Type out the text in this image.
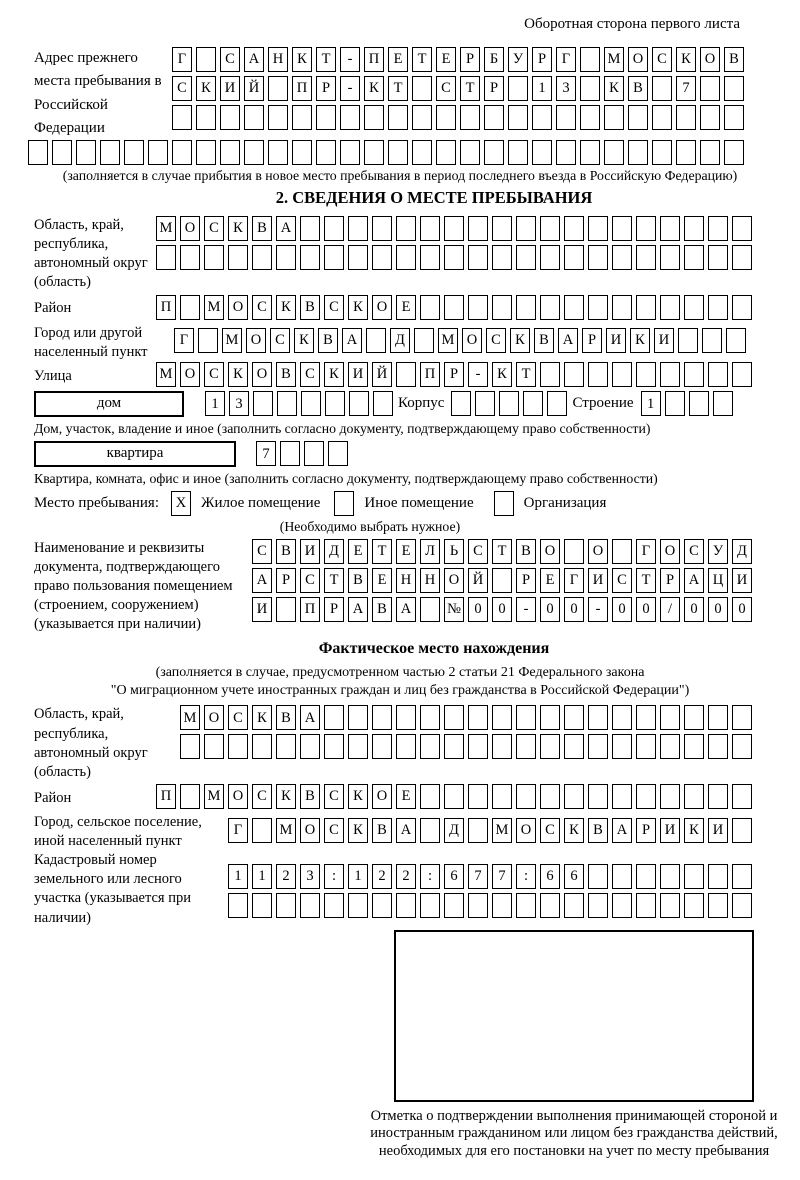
Оборотная сторона первого листа
Адрес прежнего места пребывания в Российской Федерации
Г	С А Н К	Т	-	П Е	Т	Е	Р	Б	У	Р	Г	М О С К О В
С К И Й	П	Р	-	К	Т	С	Т	Р	1	3	К В	7
(заполняется в случае прибытия в новое место пребывания в период последнего въезда в Российскую Федерацию)
2. СВЕДЕНИЯ О МЕСТЕ ПРЕБЫВАНИЯ
Область, край, республика, автономный округ (область)
М О С К В А
Район	П	М О С К В С К О Е
Город или другой населенный пункт
Г	М О С К В А	Д	М О С К В А	Р	И К И
Улица	М О С К О В С К И Й	П	Р	-	К	Т
дом	1	3	Корпус	Строение 1
Дом, участок, владение и иное (заполнить согласно документу, подтверждающему право собственности)
квартира	7
Квартира, комната, офис и иное (заполнить согласно документу, подтверждающему право собственности)
Место пребывания:	X Жилое помещение	Иное помещение	Организация
(Необходимо выбрать нужное)
Наименование и реквизиты документа, подтверждающего право пользования помещением (строением, сооружением) (указывается при наличии)
С В И Д	Е	Т	Е	Л	Ь	С	Т	В О	О	Г	О С У Д
А	Р	С	Т	В	Е Н Н О Й	Р	Е	Г	И С	Т	Р	А Ц И
И	П	Р	А В А	№ 0	0	-	0	0	-	0	0	/	0	0	0
Фактическое место нахождения
(заполняется в случае, предусмотренном частью 2 статьи 21 Федерального закона
"О миграционном учете иностранных граждан и лиц без гражданства в Российской Федерации")
Область, край, республика, автономный округ (область)
М О С К В А
Район	П	М О С К В С К О Е
Город, сельское поселение, иной населенный пункт
Г	М О С К В А	Д	М О С К В А	Р	И К И
Кадастровый номер земельного или лесного участка (указывается при наличии)
1	1	2	3	:	1	2	2	:	6	7	7	:	6	6
Отметка о подтверждении выполнения принимающей стороной и иностранным гражданином или лицом без гражданства действий, необходимых для его постановки на учет по месту пребывания
